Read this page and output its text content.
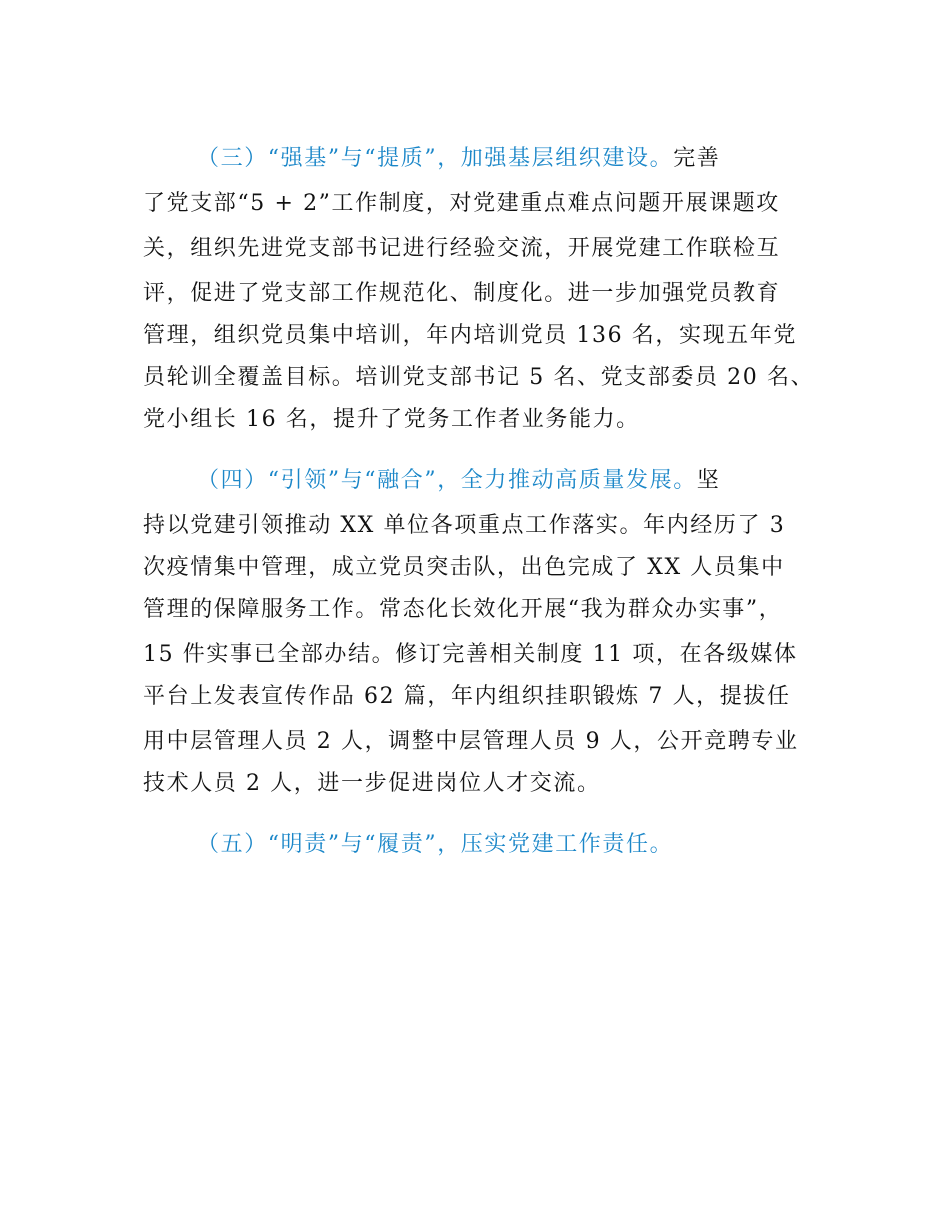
（三）“强基”与“提质”，加强基层组织建设。完善
了党支部“5 + 2”工作制度，对党建重点难点问题开展课题攻
关，组织先进党支部书记进行经验交流，开展党建工作联检互
评，促进了党支部工作规范化、制度化。进一步加强党员教育
管理，组织党员集中培训，年内培训党员 136 名，实现五年党
员轮训全覆盖目标。培训党支部书记 5 名、党支部委员 20 名、
党小组长 16 名，提升了党务工作者业务能力。
（四）“引领”与“融合”，全力推动高质量发展。坚
持以党建引领推动 XX 单位各项重点工作落实。年内经历了 3
次疫情集中管理，成立党员突击队，出色完成了 XX 人员集中
管理的保障服务工作。常态化长效化开展“我为群众办实事”，
15 件实事已全部办结。修订完善相关制度 11 项，在各级媒体
平台上发表宣传作品 62 篇，年内组织挂职锻炼 7 人，提拔任
用中层管理人员 2 人，调整中层管理人员 9 人，公开竞聘专业
技术人员 2 人，进一步促进岗位人才交流。
（五）“明责”与“履责”，压实党建工作责任。
